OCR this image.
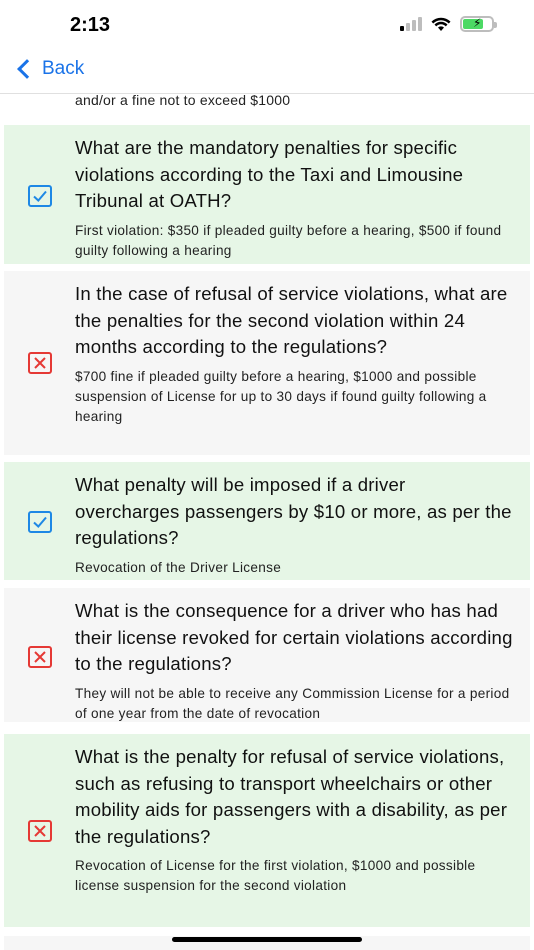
2:13	⚡
Back
and/or a fine not to exceed $1000
What are the mandatory penalties for specific violations according to the Taxi and Limousine Tribunal at OATH?
First violation: $350 if pleaded guilty before a hearing, $500 if found guilty following a hearing
In the case of refusal of service violations, what are the penalties for the second violation within 24 months according to the regulations?
$700 fine if pleaded guilty before a hearing, $1000 and possible suspension of License for up to 30 days if found guilty following a hearing
What penalty will be imposed if a driver overcharges passengers by $10 or more, as per the regulations?
Revocation of the Driver License
What is the consequence for a driver who has had their license revoked for certain violations according to the regulations?
They will not be able to receive any Commission License for a period of one year from the date of revocation
What is the penalty for refusal of service violations, such as refusing to transport wheelchairs or other mobility aids for passengers with a disability, as per the regulations?
Revocation of License for the first violation, $1000 and possible license suspension for the second violation
